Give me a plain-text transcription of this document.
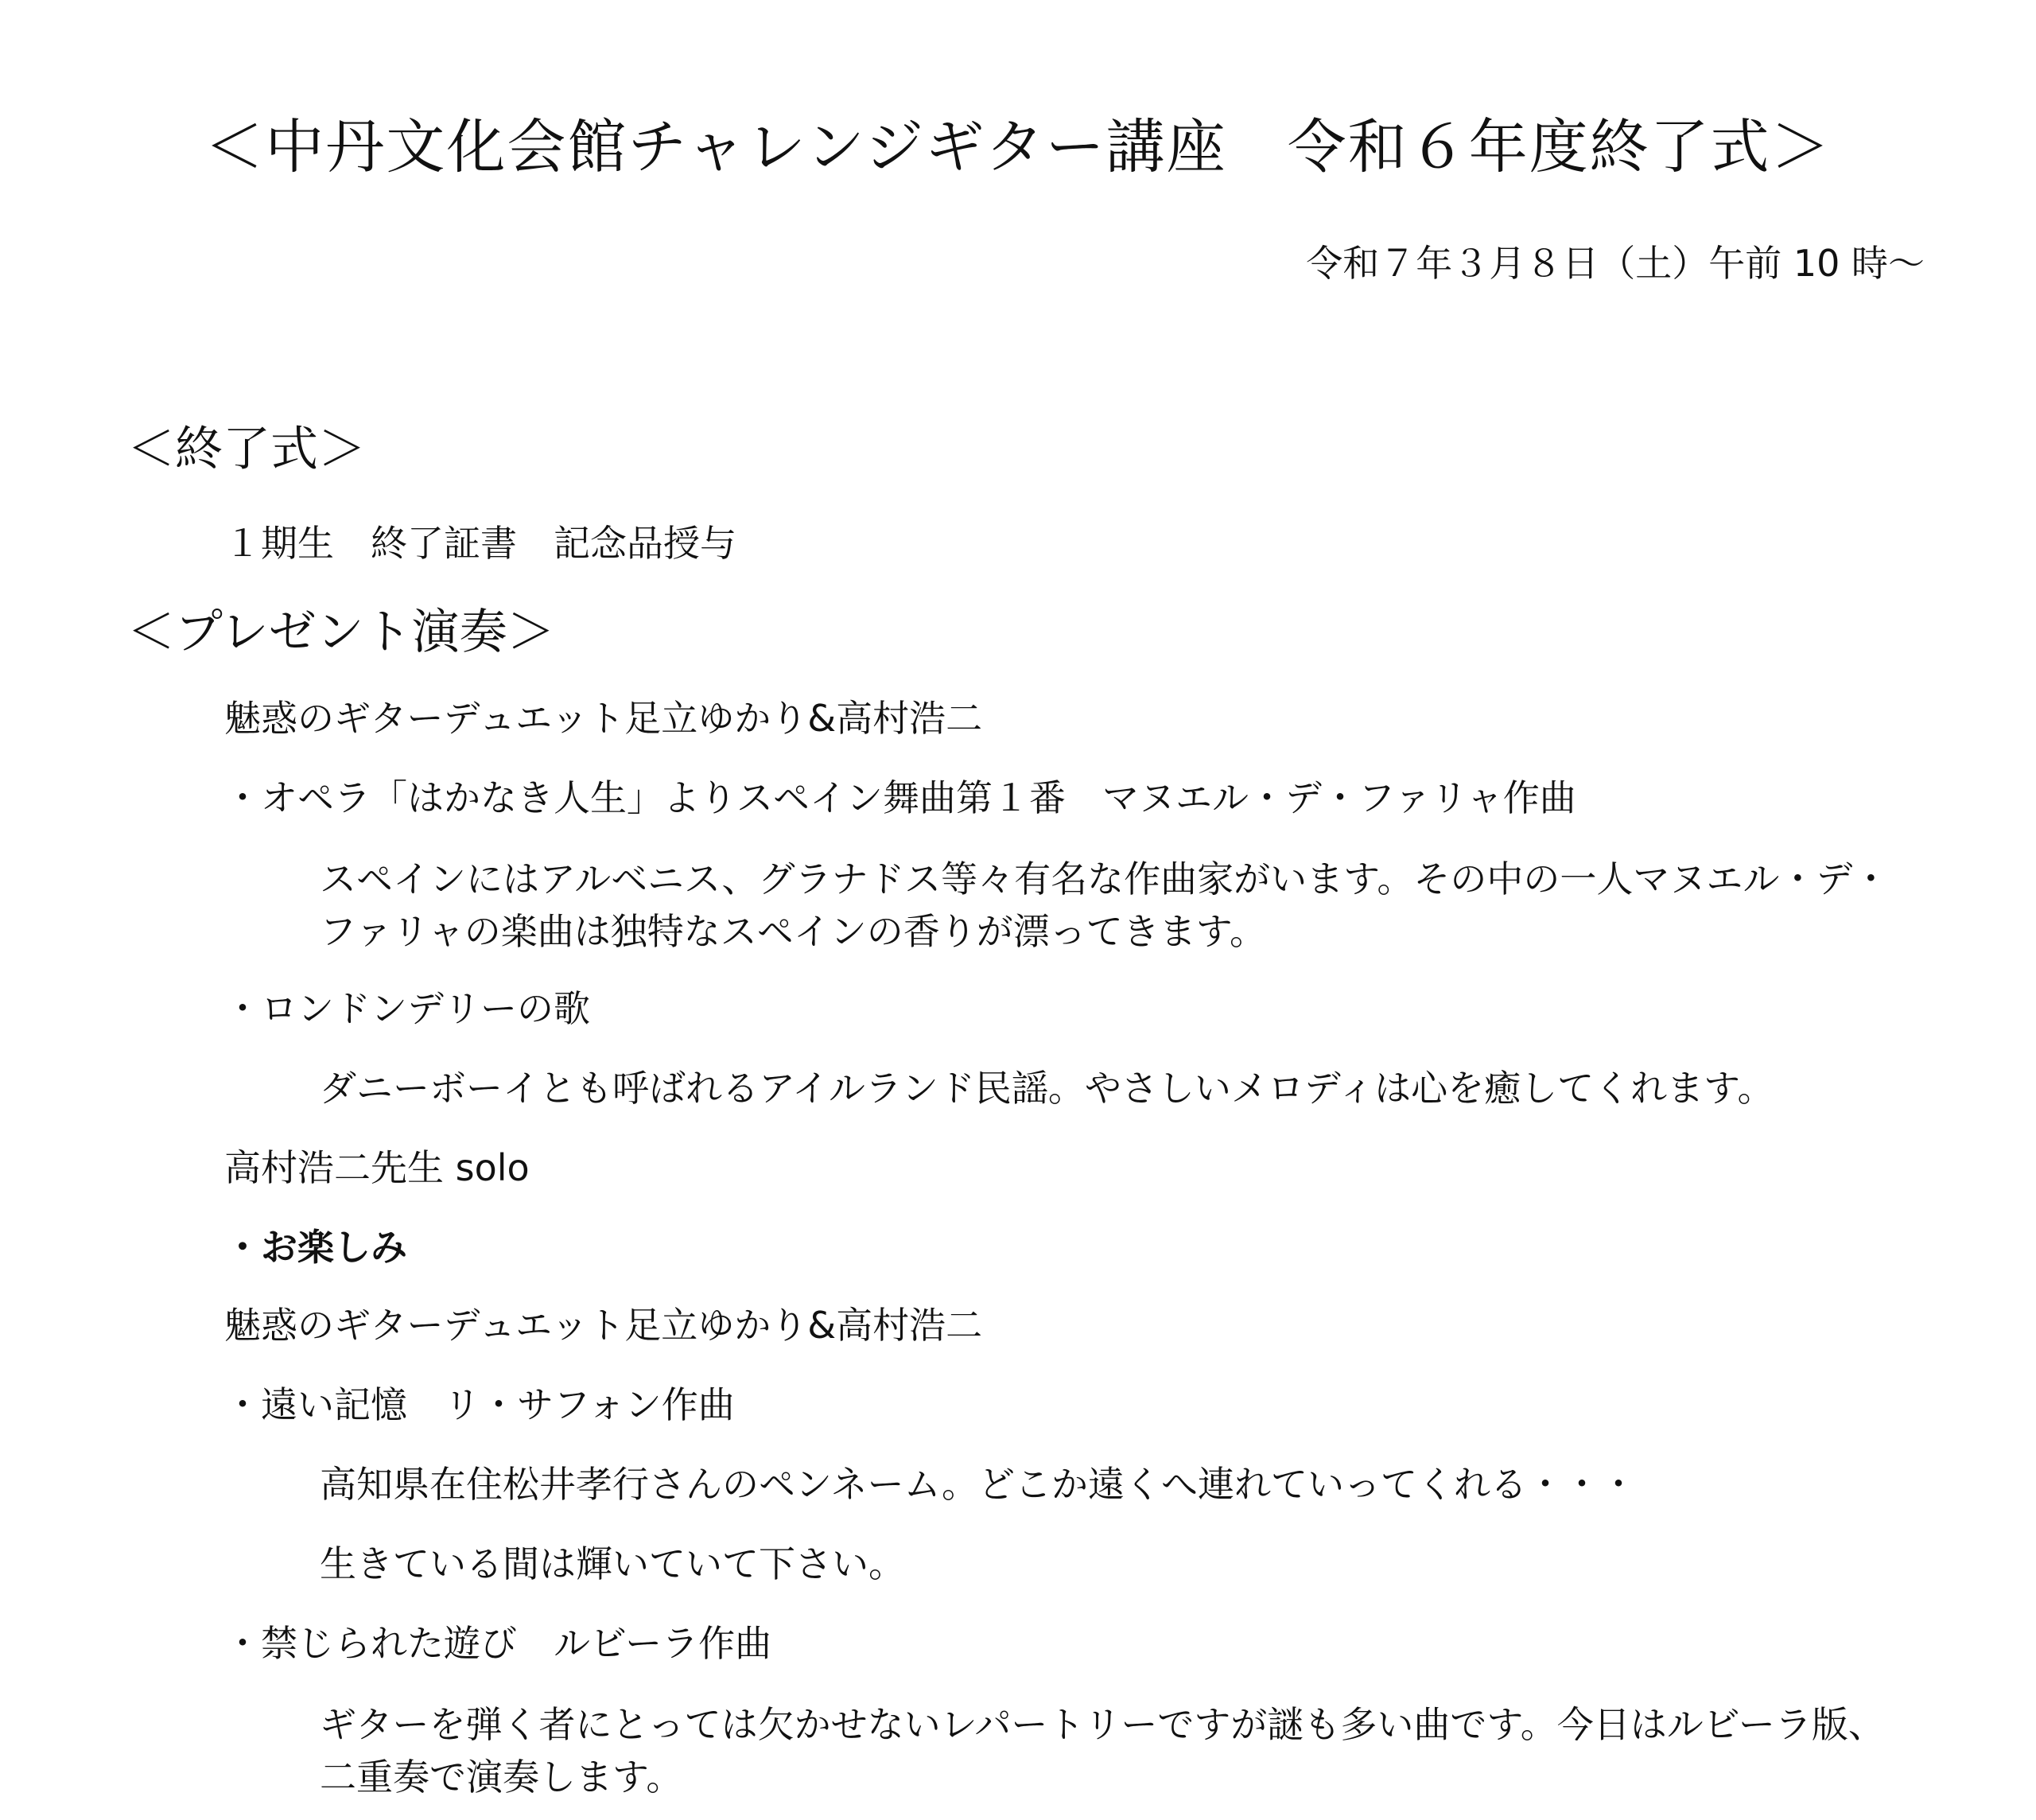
＜中丹文化会館チャレンジギター講座　令和６年度終了式＞
令和７年３月８日（土）午前 10 時～
＜終了式＞
１期生　終了証書　記念品授与
＜プレゼント演奏＞
魅惑のギターデュエット足立ゆかり&高村浩二
・オペラ「はかなき人生」よりスペイン舞曲第１番　マヌエル・デ・ファリャ作曲
スペインにはアルベニス、グラナドス等々有名な作曲家がいます。その中の一人マヌエル・デ・ファリャの楽曲は独特なスペインの香りが漂ってきます。
・ロンドンデリーの歌
ダニーボーイとも呼ばれるアイルランド民謡。やさしいメロディは心を癒してくれます。
高村浩二先生 solo
・お楽しみ
魅惑のギターデュエット足立ゆかり&高村浩二
・遠い記憶　リ・サフォン作曲
高知県在住松井孝行さんのペンネーム。どこか遠くへ連れていってくれる・・・
生きている間は輝いていて下さい。
・禁じられた遊び　ルビーラ作曲
ギターを弾く者にとっては欠かせないレパートリーですが謎も多い曲です。今日はルビーラ版、二重奏で演奏します。
